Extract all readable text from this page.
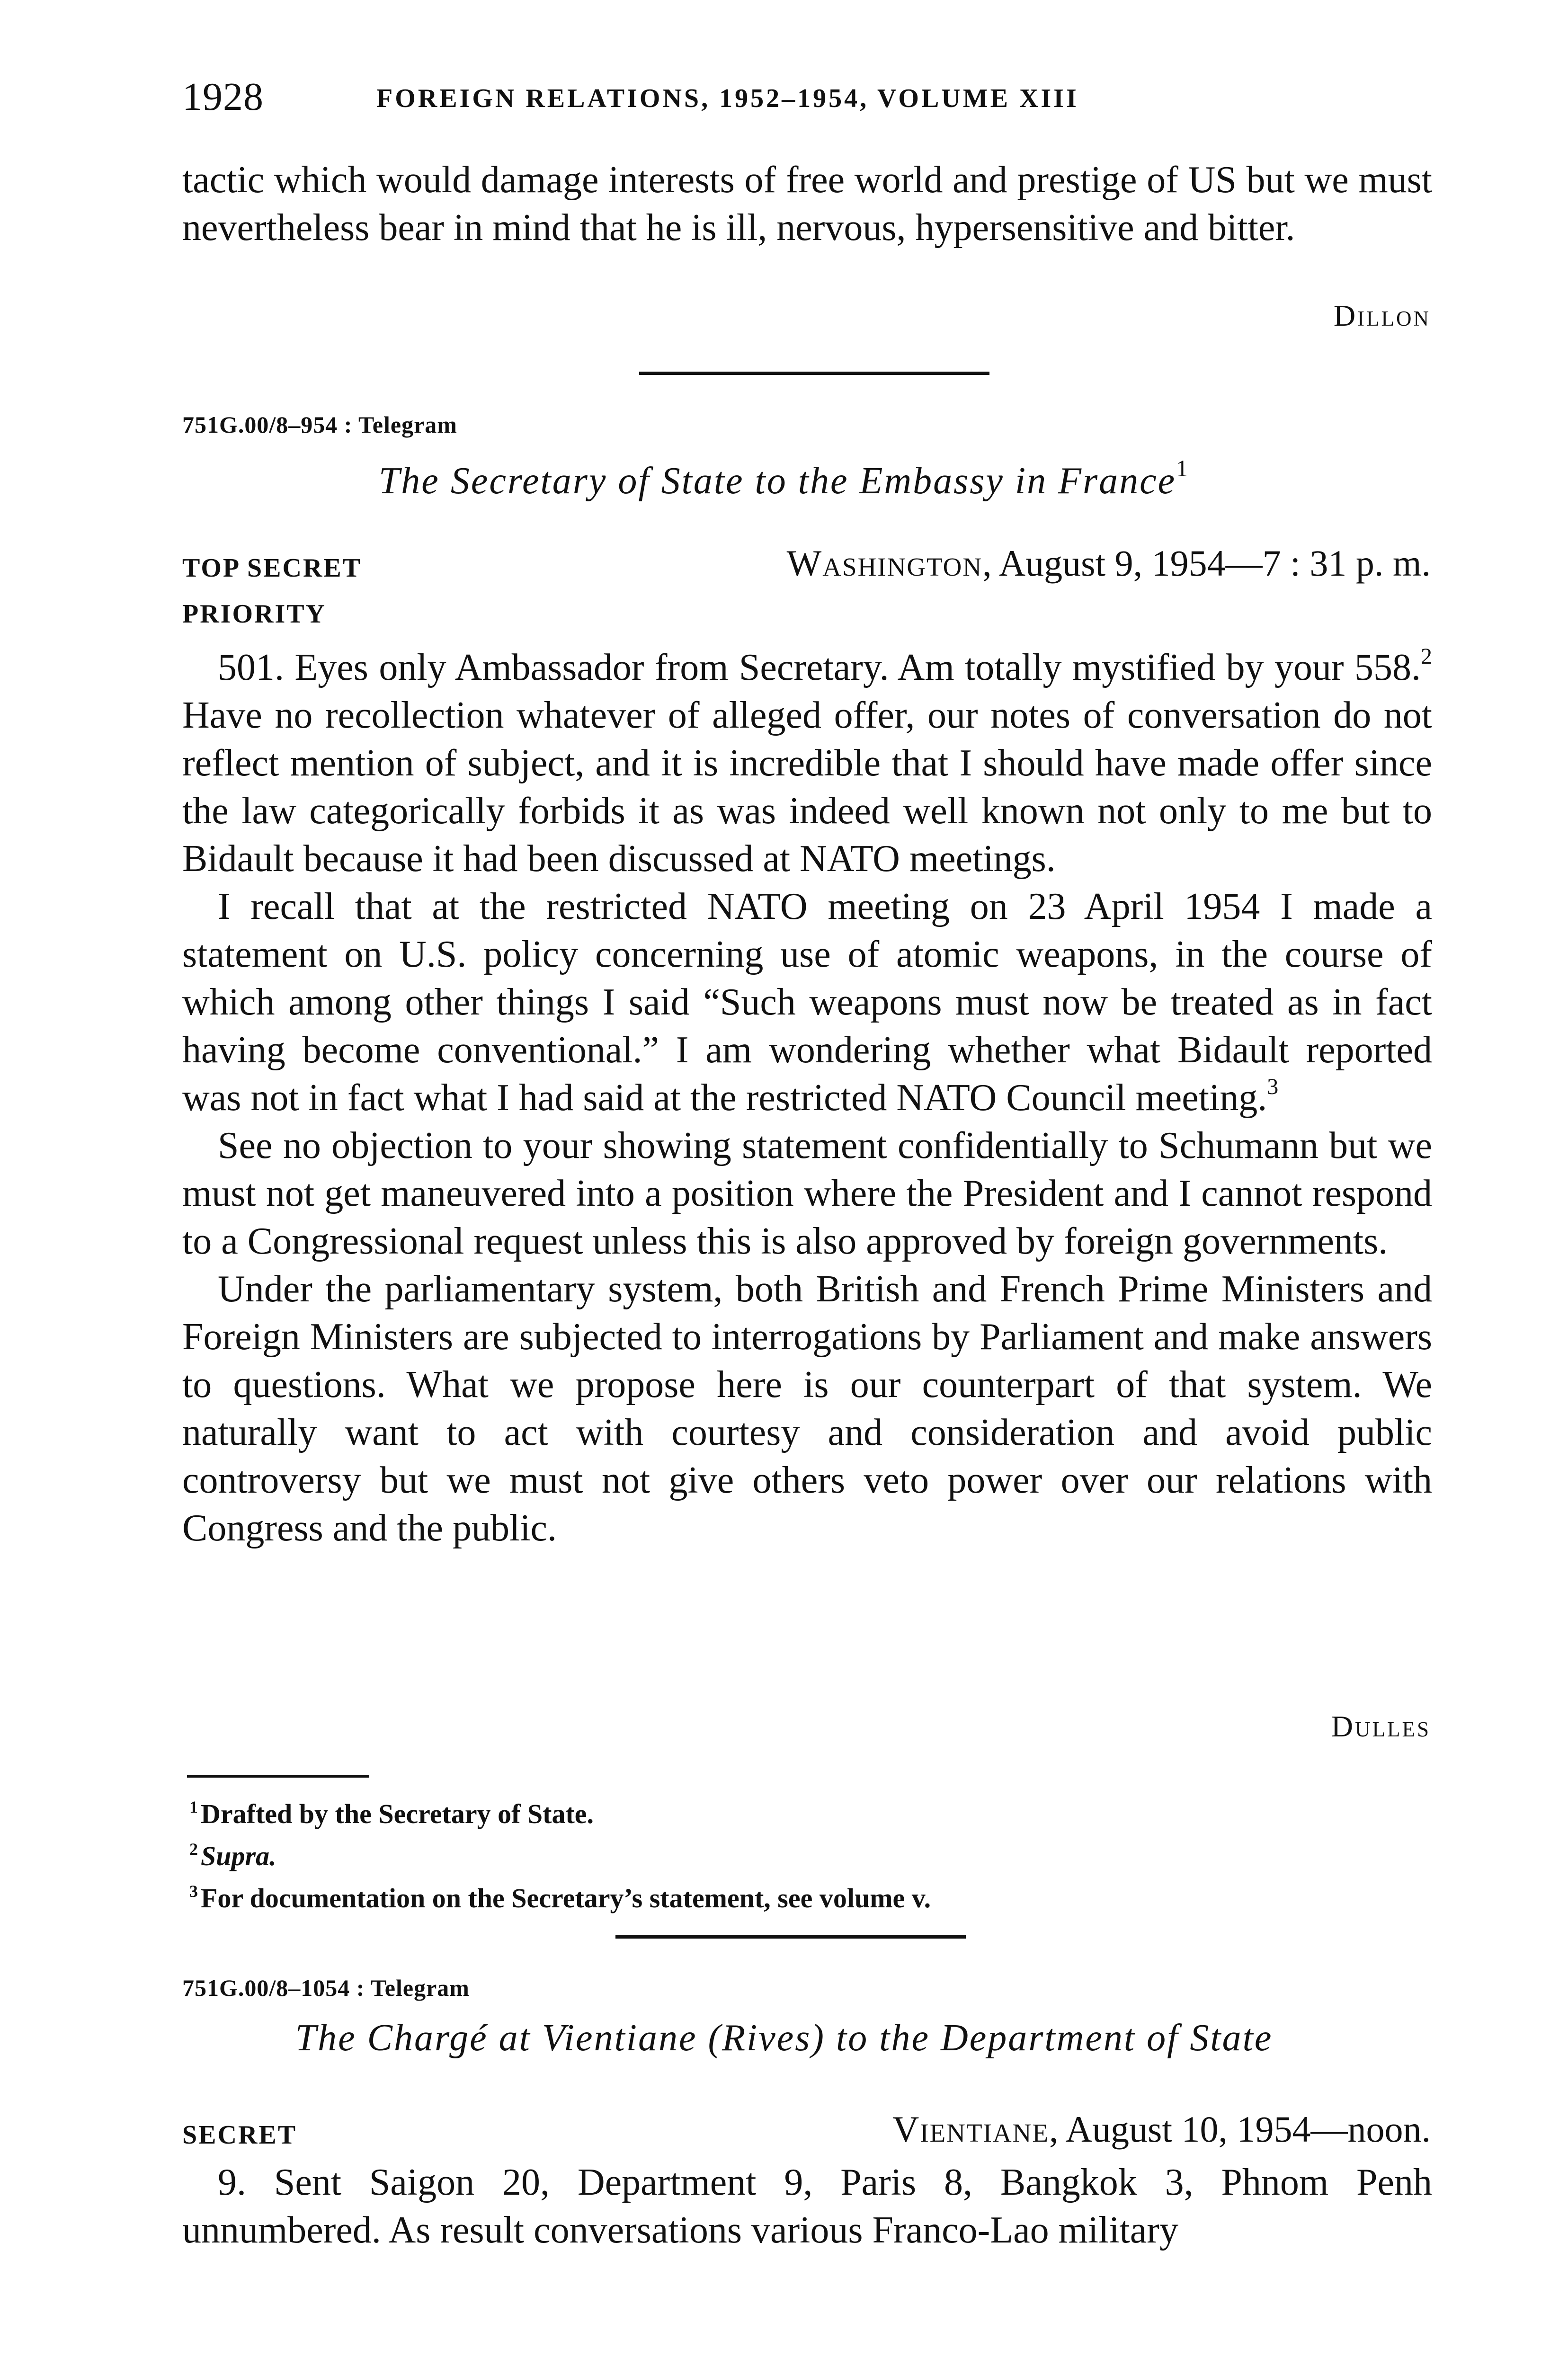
1928	FOREIGN RELATIONS, 1952–1954, VOLUME XIII

tactic which would damage interests of free world and prestige of US but we must nevertheless bear in mind that he is ill, nervous, hypersensitive and bitter.

Dillon
751G.00/8–954 : Telegram
The Secretary of State to the Embassy in France$^1$
TOP SECRET
PRIORITY
Washington, August 9, 1954—7 : 31 p. m.

501. Eyes only Ambassador from Secretary. Am totally mystified by your 558.$^2$ Have no recollection whatever of alleged offer, our notes of conversation do not reflect mention of subject, and it is incredible that I should have made offer since the law categorically forbids it as was indeed well known not only to me but to Bidault because it had been discussed at NATO meetings.

I recall that at the restricted NATO meeting on 23 April 1954 I made a statement on U.S. policy concerning use of atomic weapons, in the course of which among other things I said “Such weapons must now be treated as in fact having become conventional.” I am wondering whether what Bidault reported was not in fact what I had said at the restricted NATO Council meeting.$^3$

See no objection to your showing statement confidentially to Schumann but we must not get maneuvered into a position where the President and I cannot respond to a Congressional request unless this is also approved by foreign governments.

Under the parliamentary system, both British and French Prime Ministers and Foreign Ministers are subjected to interrogations by Parliament and make answers to questions. What we propose here is our counterpart of that system. We naturally want to act with courtesy and consideration and avoid public controversy but we must not give others veto power over our relations with Congress and the public.

Dulles

$^1$ Drafted by the Secretary of State.

$^2$ Supra.

$^3$ For documentation on the Secretary’s statement, see volume v.

751G.00/8–1054 : Telegram
The Chargé at Vientiane (Rives) to the Department of State
SECRET	Vientiane, August 10, 1954—noon.

9. Sent Saigon 20, Department 9, Paris 8, Bangkok 3, Phnom Penh unnumbered. As result conversations various Franco-Lao military
